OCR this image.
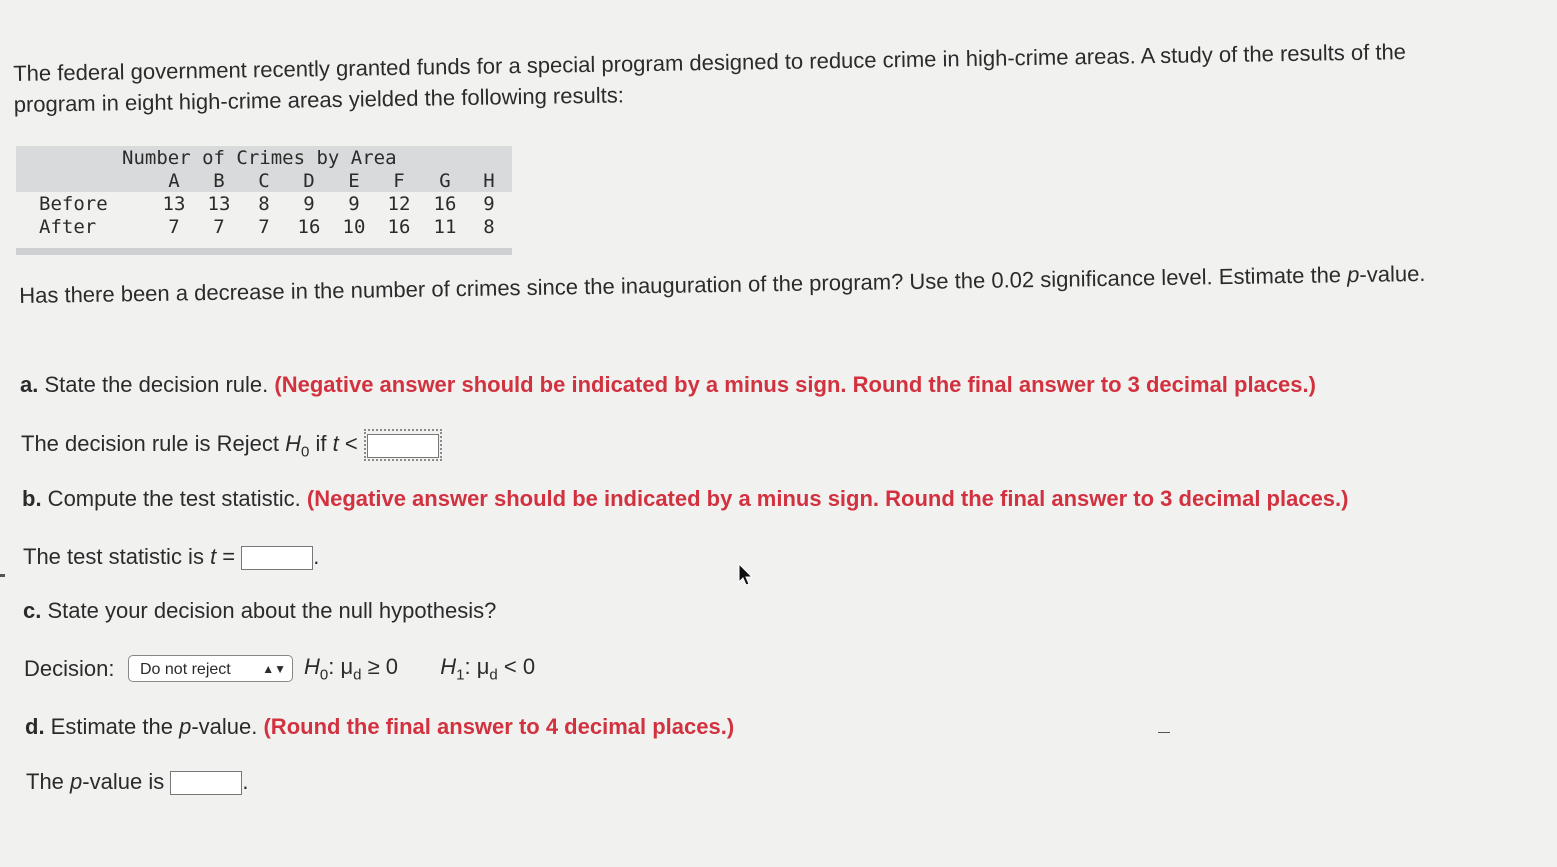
The federal government recently granted funds for a special program designed to reduce crime in high-crime areas. A study of the results of the program in eight high-crime areas yielded the following results:
Number of Crimes by Area
A	B	C	D	E	F	G	H
Before	13	13	8	9	9	12	16	9
After	7	7	7	16	10	16	11	8
Has there been a decrease in the number of crimes since the inauguration of the program? Use the 0.02 significance level. Estimate the p-value.
a. State the decision rule. (Negative answer should be indicated by a minus sign. Round the final answer to 3 decimal places.)
The decision rule is Reject $H_0$ if t <
b. Compute the test statistic. (Negative answer should be indicated by a minus sign. Round the final answer to 3 decimal places.)
The test statistic is t =	.
c. State your decision about the null hypothesis?
Decision:	Do not reject	▲▼ $H_0$: $\mu_d \ge 0$ $H_1$: $\mu_d < 0$
d. Estimate the p-value. (Round the final answer to 4 decimal places.)
The p-value is	.
